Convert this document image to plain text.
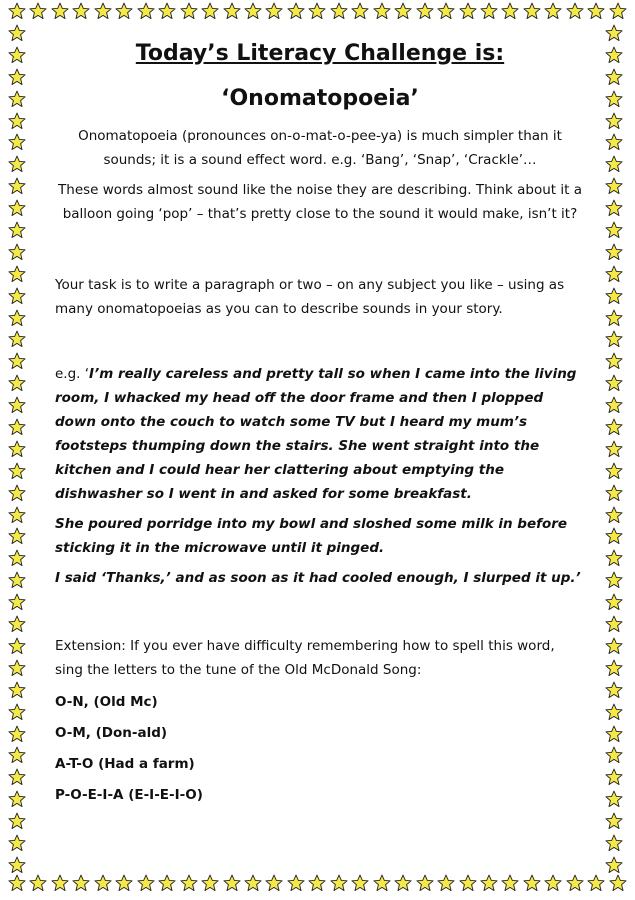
Today’s Literacy Challenge is:
‘Onomatopoeia’

Onomatopoeia (pronounces on-o-mat-o-pee-ya) is much simpler than it sounds; it is a sound effect word. e.g. ‘Bang’, ‘Snap’, ‘Crackle’…

These words almost sound like the noise they are describing. Think about it a balloon going ‘pop’ – that’s pretty close to the sound it would make, isn’t it?

Your task is to write a paragraph or two – on any subject you like – using as many onomatopoeias as you can to describe sounds in your story.

e.g. ‘I’m really careless and pretty tall so when I came into the living room, I whacked my head off the door frame and then I plopped down onto the couch to watch some TV but I heard my mum’s footsteps thumping down the stairs. She went straight into the kitchen and I could hear her clattering about emptying the dishwasher so I went in and asked for some breakfast.

She poured porridge into my bowl and sloshed some milk in before sticking it in the microwave until it pinged.

I said ‘Thanks,’ and as soon as it had cooled enough, I slurped it up.’

Extension: If you ever have difficulty remembering how to spell this word, sing the letters to the tune of the Old McDonald Song:

O-N, (Old Mc)

O-M, (Don-ald)

A-T-O (Had a farm)

P-O-E-I-A (E-I-E-I-O)
